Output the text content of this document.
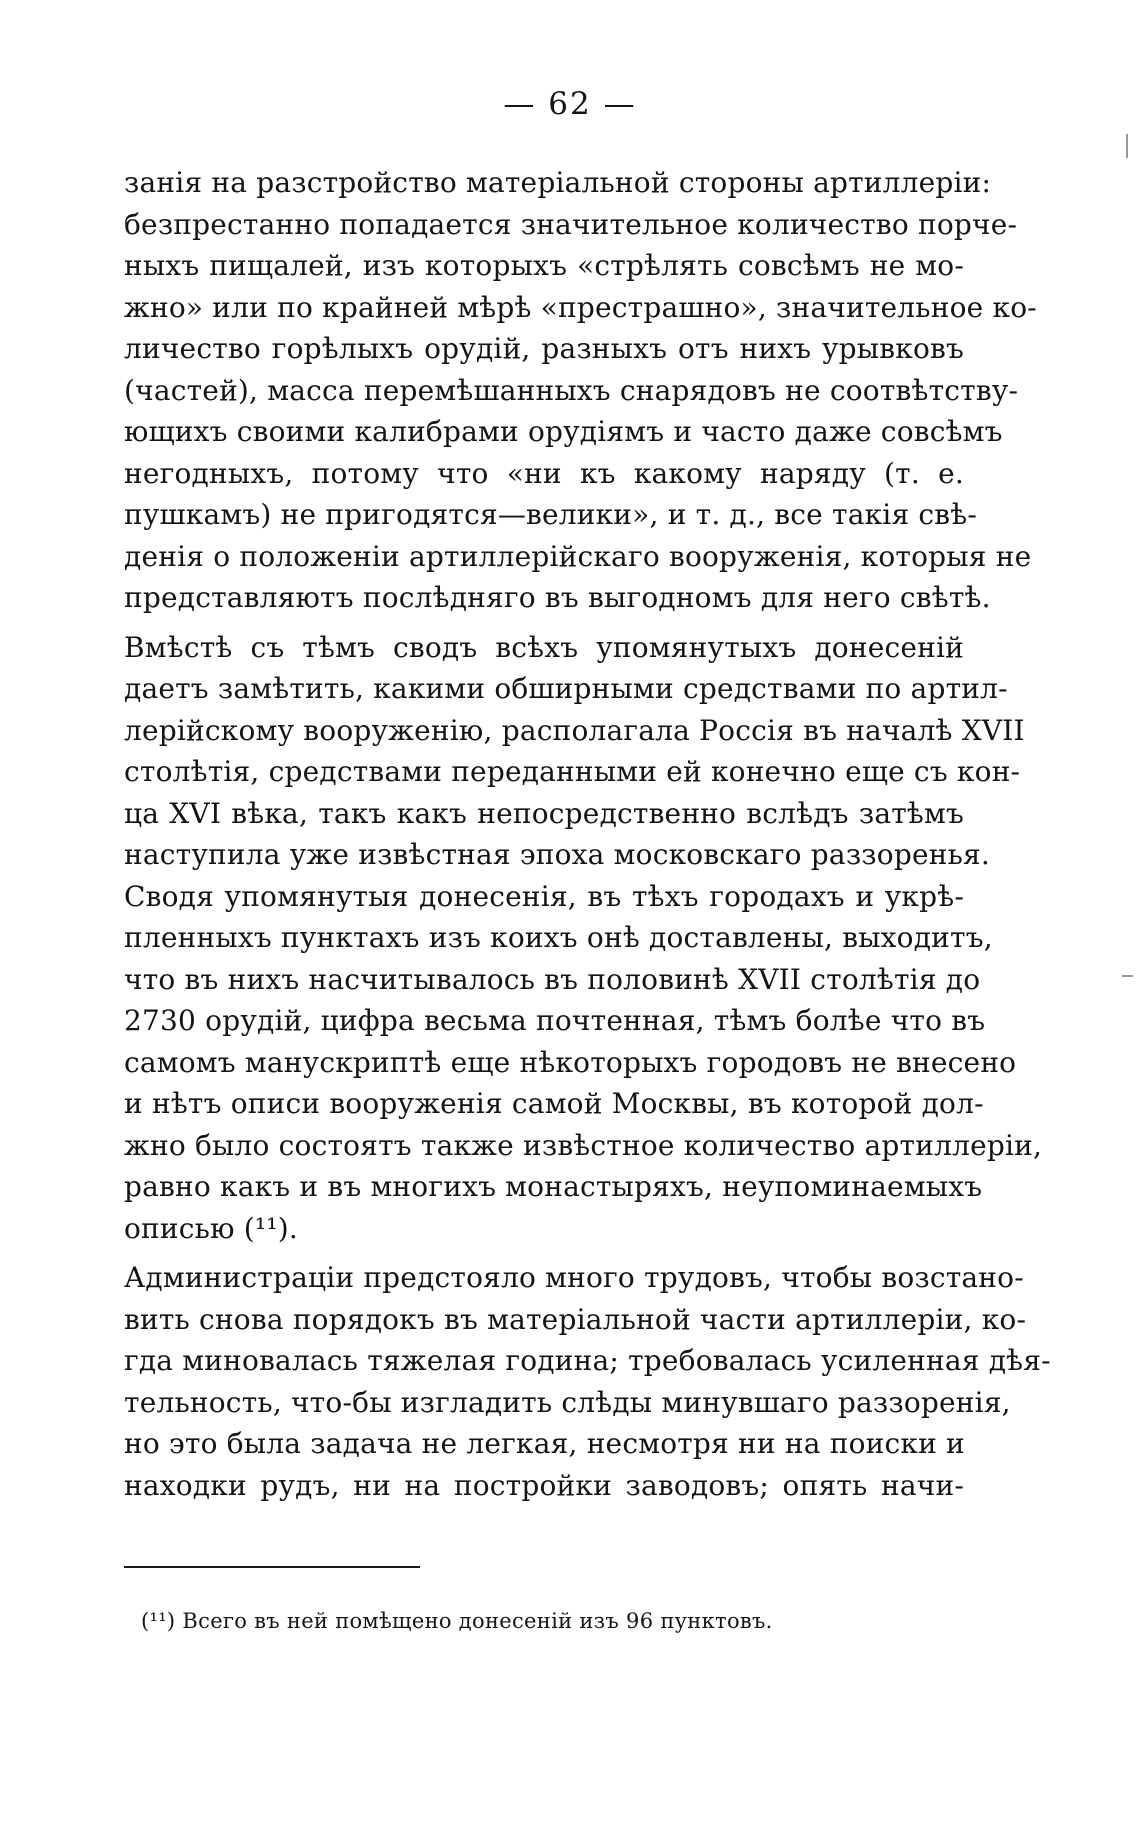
— 62 —
занія на разстройство матеріальной стороны артиллеріи:
безпрестанно попадается значительное количество порче-
ныхъ пищалей, изъ которыхъ «стрѣлять совсѣмъ не мо-
жно» или по крайней мѣрѣ «престрашно», значительное ко-
личество горѣлыхъ орудій, разныхъ отъ нихъ урывковъ
(частей), масса перемѣшанныхъ снарядовъ не соотвѣтству-
ющихъ своими калибрами орудіямъ и часто даже совсѣмъ
негодныхъ, потому что «ни къ какому наряду (т. е.
пушкамъ) не пригодятся—велики», и т. д., все такія свѣ-
денія о положеніи артиллерійскаго вооруженія, которыя не
представляютъ послѣдняго въ выгодномъ для него свѣтѣ.
Вмѣстѣ съ тѣмъ сводъ всѣхъ упомянутыхъ донесеній
даетъ замѣтить, какими обширными средствами по артил-
лерійскому вооруженію, располагала Россія въ началѣ XVII
столѣтія, средствами переданными ей конечно еще съ кон-
ца XVI вѣка, такъ какъ непосредственно вслѣдъ затѣмъ
наступила уже извѣстная эпоха московскаго раззоренья.
Сводя упомянутыя донесенія, въ тѣхъ городахъ и укрѣ-
пленныхъ пунктахъ изъ коихъ онѣ доставлены, выходитъ,
что въ нихъ насчитывалось въ половинѣ XVII столѣтія до
2730 орудій, цифра весьма почтенная, тѣмъ болѣе что въ
самомъ манускриптѣ еще нѣкоторыхъ городовъ не внесено
и нѣтъ описи вооруженія самой Москвы, въ которой дол-
жно было состоятъ также извѣстное количество артиллеріи,
равно какъ и въ многихъ монастыряхъ, неупоминаемыхъ
описью (¹¹).
Администраціи предстояло много трудовъ, чтобы возстано-
вить снова порядокъ въ матеріальной части артиллеріи, ко-
гда миновалась тяжелая година; требовалась усиленная дѣя-
тельность, что-бы изгладить слѣды минувшаго раззоренія,
но это была задача не легкая, несмотря ни на поиски и
находки рудъ, ни на постройки заводовъ; опять начи-
(¹¹) Всего въ ней помѣщено донесеній изъ 96 пунктовъ.
